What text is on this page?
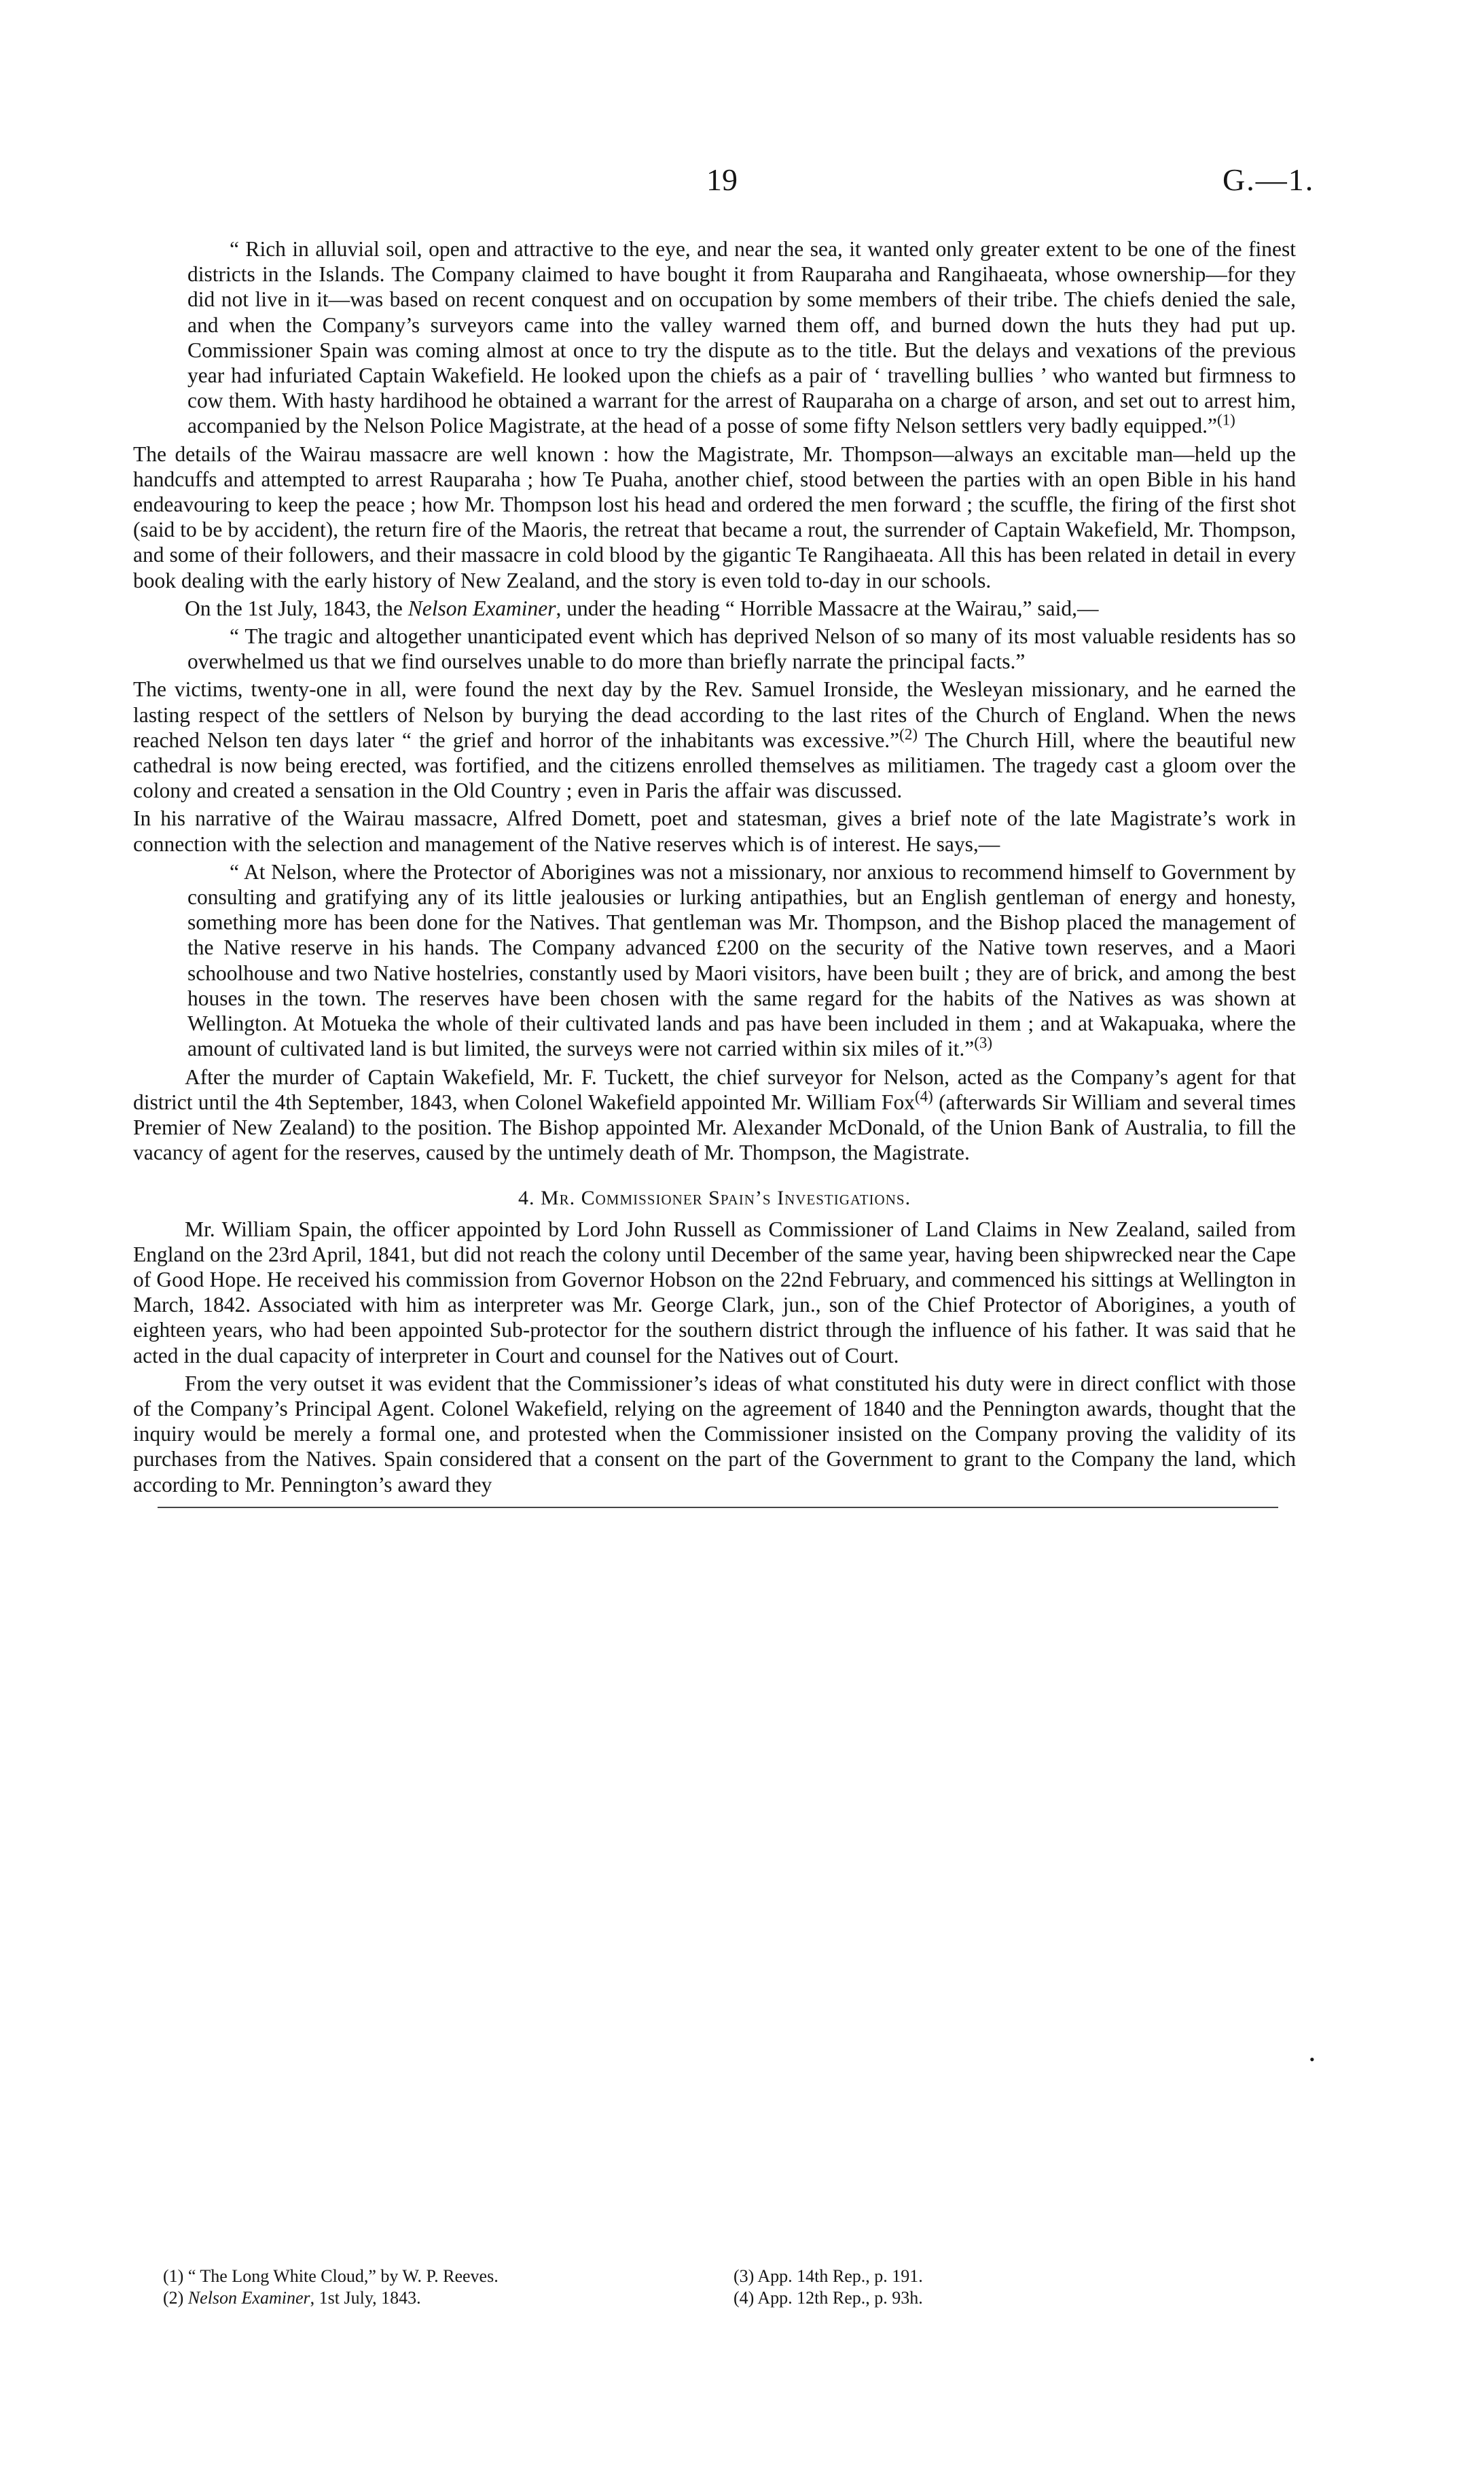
19	G.—1.

“ Rich in alluvial soil, open and attractive to the eye, and near the sea, it wanted only greater extent to be one of the finest districts in the Islands. The Company claimed to have bought it from Rauparaha and Rangihaeata, whose ownership—for they did not live in it—was based on recent conquest and on occupation by some members of their tribe. The chiefs denied the sale, and when the Company’s surveyors came into the valley warned them off, and burned down the huts they had put up. Commissioner Spain was coming almost at once to try the dispute as to the title. But the delays and vexations of the previous year had infuriated Captain Wakefield. He looked upon the chiefs as a pair of ‘ travelling bullies ’ who wanted but firmness to cow them. With hasty hardihood he obtained a warrant for the arrest of Rauparaha on a charge of arson, and set out to arrest him, accompanied by the Nelson Police Magistrate, at the head of a posse of some fifty Nelson settlers very badly equipped.”$^{(1)}$

The details of the Wairau massacre are well known : how the Magistrate, Mr. Thompson—always an excitable man—held up the handcuffs and attempted to arrest Rauparaha ; how Te Puaha, another chief, stood between the parties with an open Bible in his hand endeavouring to keep the peace ; how Mr. Thompson lost his head and ordered the men forward ; the scuffle, the firing of the first shot (said to be by accident), the return fire of the Maoris, the retreat that became a rout, the surrender of Captain Wakefield, Mr. Thompson, and some of their followers, and their massacre in cold blood by the gigantic Te Rangihaeata. All this has been related in detail in every book dealing with the early history of New Zealand, and the story is even told to-day in our schools.

On the 1st July, 1843, the Nelson Examiner, under the heading “ Horrible Massacre at the Wairau,” said,—

“ The tragic and altogether unanticipated event which has deprived Nelson of so many of its most valuable residents has so overwhelmed us that we find ourselves unable to do more than briefly narrate the principal facts.”

The victims, twenty-one in all, were found the next day by the Rev. Samuel Ironside, the Wesleyan missionary, and he earned the lasting respect of the settlers of Nelson by burying the dead according to the last rites of the Church of England. When the news reached Nelson ten days later “ the grief and horror of the inhabitants was excessive.”$^{(2)}$ The Church Hill, where the beautiful new cathedral is now being erected, was fortified, and the citizens enrolled themselves as militiamen. The tragedy cast a gloom over the colony and created a sensation in the Old Country ; even in Paris the affair was discussed.

In his narrative of the Wairau massacre, Alfred Domett, poet and statesman, gives a brief note of the late Magistrate’s work in connection with the selection and management of the Native reserves which is of interest. He says,—

“ At Nelson, where the Protector of Aborigines was not a missionary, nor anxious to recommend himself to Government by consulting and gratifying any of its little jealousies or lurking antipathies, but an English gentleman of energy and honesty, something more has been done for the Natives. That gentleman was Mr. Thompson, and the Bishop placed the management of the Native reserve in his hands. The Company advanced £200 on the security of the Native town reserves, and a Maori schoolhouse and two Native hostelries, constantly used by Maori visitors, have been built ; they are of brick, and among the best houses in the town. The reserves have been chosen with the same regard for the habits of the Natives as was shown at Wellington. At Motueka the whole of their cultivated lands and pas have been included in them ; and at Wakapuaka, where the amount of cultivated land is but limited, the surveys were not carried within six miles of it.”$^{(3)}$

After the murder of Captain Wakefield, Mr. F. Tuckett, the chief surveyor for Nelson, acted as the Company’s agent for that district until the 4th September, 1843, when Colonel Wakefield appointed Mr. William Fox$^{(4)}$ (afterwards Sir William and several times Premier of New Zealand) to the position. The Bishop appointed Mr. Alexander McDonald, of the Union Bank of Australia, to fill the vacancy of agent for the reserves, caused by the untimely death of Mr. Thompson, the Magistrate.

4. Mr. Commissioner Spain’s Investigations.

Mr. William Spain, the officer appointed by Lord John Russell as Commissioner of Land Claims in New Zealand, sailed from England on the 23rd April, 1841, but did not reach the colony until December of the same year, having been shipwrecked near the Cape of Good Hope. He received his commission from Governor Hobson on the 22nd February, and commenced his sittings at Wellington in March, 1842. Associated with him as interpreter was Mr. George Clark, jun., son of the Chief Protector of Aborigines, a youth of eighteen years, who had been appointed Sub-protector for the southern district through the influence of his father. It was said that he acted in the dual capacity of interpreter in Court and counsel for the Natives out of Court.

From the very outset it was evident that the Commissioner’s ideas of what constituted his duty were in direct conflict with those of the Company’s Principal Agent. Colonel Wakefield, relying on the agreement of 1840 and the Pennington awards, thought that the inquiry would be merely a formal one, and protested when the Commissioner insisted on the Company proving the validity of its purchases from the Natives. Spain considered that a consent on the part of the Government to grant to the Company the land, which according to Mr. Pennington’s award they

•
(1) “ The Long White Cloud,” by W. P. Reeves.
(2) Nelson Examiner, 1st July, 1843.
(3) App. 14th Rep., p. 191.
(4) App. 12th Rep., p. 93h.
